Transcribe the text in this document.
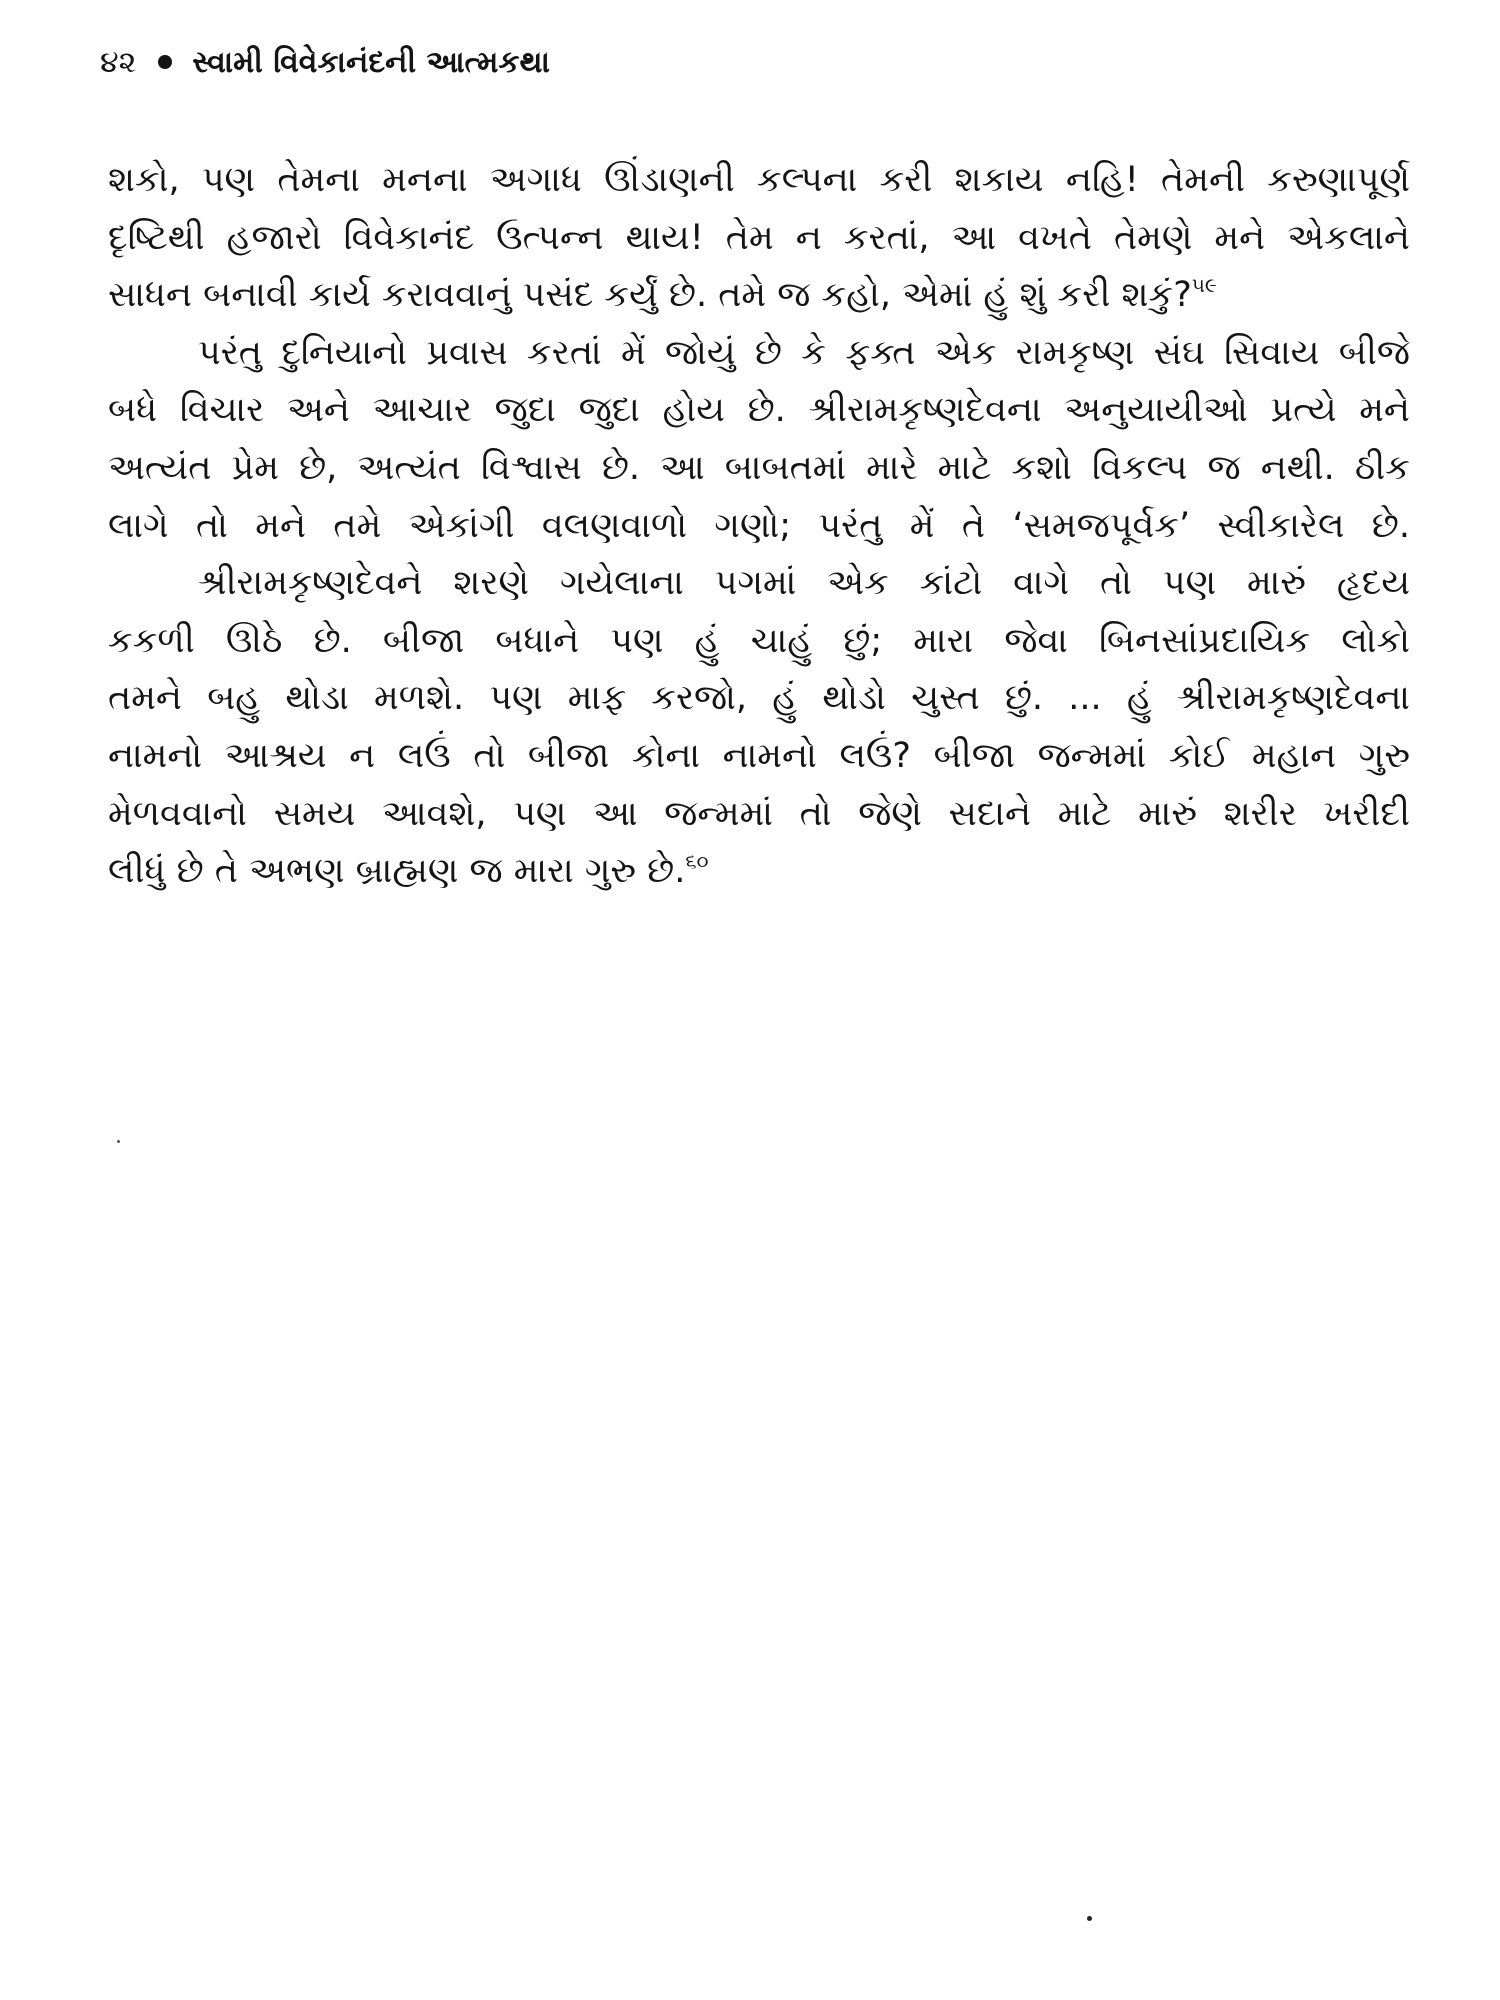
૪૨ સ્વામી વિવેકાનંદની આત્મકથા
શકો, પણ તેમના મનના અગાધ ઊંડાણની કલ્પના કરી શકાય નહિ! તેમની કરુણાપૂર્ણ
દૃષ્ટિથી હજારો વિવેકાનંદ ઉત્પન્ન થાય! તેમ ન કરતાં, આ વખતે તેમણે મને એકલાને
સાધન બનાવી કાર્ય કરાવવાનું પસંદ કર્યું છે. તમે જ કહો, એમાં હું શું કરી શકું?$^{૫૯}$
પરંતુ દુનિયાનો પ્રવાસ કરતાં મેં જોયું છે કે ફક્ત એક રામકૃષ્ણ સંઘ સિવાય બીજે
બધે વિચાર અને આચાર જુદા જુદા હોય છે. શ્રીરામકૃષ્ણદેવના અનુયાયીઓ પ્રત્યે મને
અત્યંત પ્રેમ છે, અત્યંત વિશ્વાસ છે. આ બાબતમાં મારે માટે કશો વિકલ્પ જ નથી. ઠીક
લાગે તો મને તમે એકાંગી વલણવાળો ગણો; પરંતુ મેં તે ‘સમજપૂર્વક’ સ્વીકારેલ છે.
શ્રીરામકૃષ્ણદેવને શરણે ગયેલાના પગમાં એક કાંટો વાગે તો પણ મારું હૃદય
કકળી ઊઠે છે. બીજા બધાને પણ હું ચાહું છું; મારા જેવા બિનસાંપ્રદાયિક લોકો
તમને બહુ થોડા મળશે. પણ માફ કરજો, હું થોડો ચુસ્ત છું. ... હું શ્રીરામકૃષ્ણદેવના
નામનો આશ્રય ન લઉં તો બીજા કોના નામનો લઉં? બીજા જન્મમાં કોઈ મહાન ગુરુ
મેળવવાનો સમય આવશે, પણ આ જન્મમાં તો જેણે સદાને માટે મારું શરીર ખરીદી
લીધું છે તે અભણ બ્રાહ્મણ જ મારા ગુરુ છે.$^{૬૦}$
